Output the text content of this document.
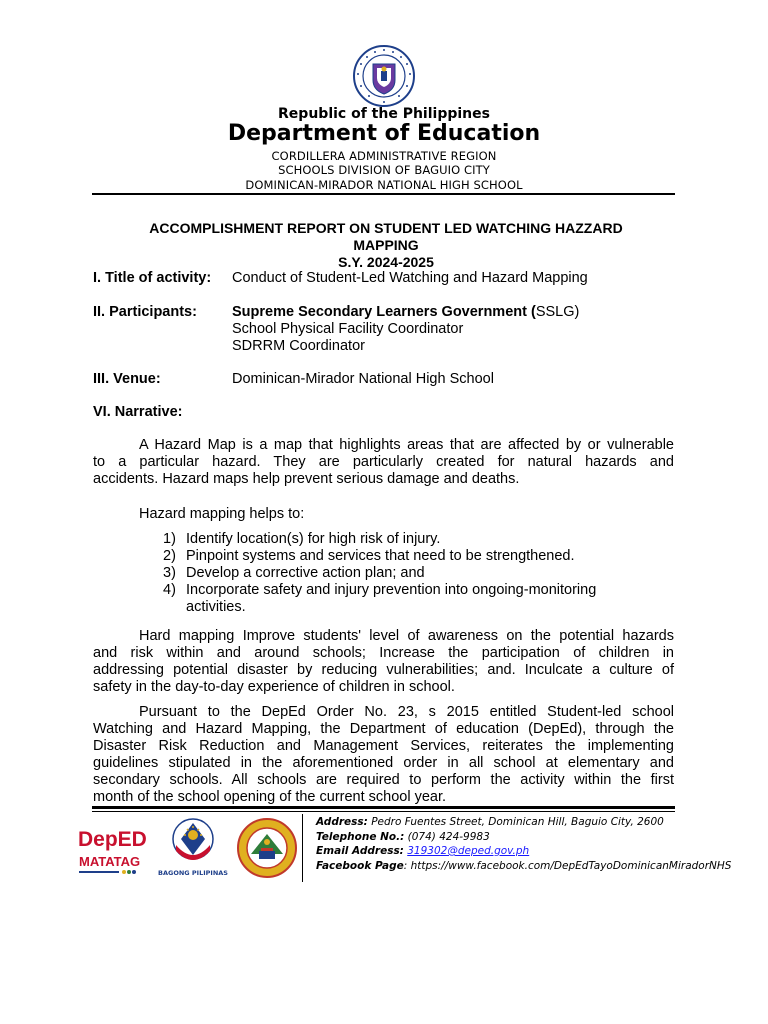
Republic of the Philippines
Department of Education
CORDILLERA ADMINISTRATIVE REGION
SCHOOLS DIVISION OF BAGUIO CITY
DOMINICAN-MIRADOR NATIONAL HIGH SCHOOL
ACCOMPLISHMENT REPORT ON STUDENT LED WATCHING HAZZARD
MAPPING
S.Y. 2024-2025
I. Title of activity: Conduct of Student-Led Watching and Hazard Mapping
II. Participants: Supreme Secondary Learners Government (SSLG)
School Physical Facility Coordinator
SDRRM Coordinator
III. Venue:	Dominican-Mirador National High School
VI. Narrative:

A Hazard Map is a map that highlights areas that are affected by or vulnerable

to a particular hazard. They are particularly created for natural hazards and
accidents. Hazard maps help prevent serious damage and deaths.
Hazard mapping helps to:
1) Identify location(s) for high risk of injury.
2) Pinpoint systems and services that need to be strengthened.
3) Develop a corrective action plan; and
4) Incorporate safety and injury prevention into ongoing-monitoring activities.

Hard mapping Improve students' level of awareness on the potential hazards

and risk within and around schools; Increase the participation of children in
addressing potential disaster by reducing vulnerabilities; and. Inculcate a culture of
safety in the day-to-day experience of children in school.

Pursuant to the DepEd Order No. 23, s 2015 entitled Student-led school

Watching and Hazard Mapping, the Department of education (DepEd), through the
Disaster Risk Reduction and Management Services, reiterates the implementing
guidelines stipulated in the aforementioned order in all school at elementary and
secondary schools. All schools are required to perform the activity within the first
month of the school opening of the current school year.
DepED
MATATAG
BAGONG PILIPINAS
Address: Pedro Fuentes Street, Dominican Hill, Baguio City, 2600
Telephone No.: (074) 424-9983
Email Address: 319302@deped.gov.ph
Facebook Page: https://www.facebook.com/DepEdTayoDominicanMiradorNHS
